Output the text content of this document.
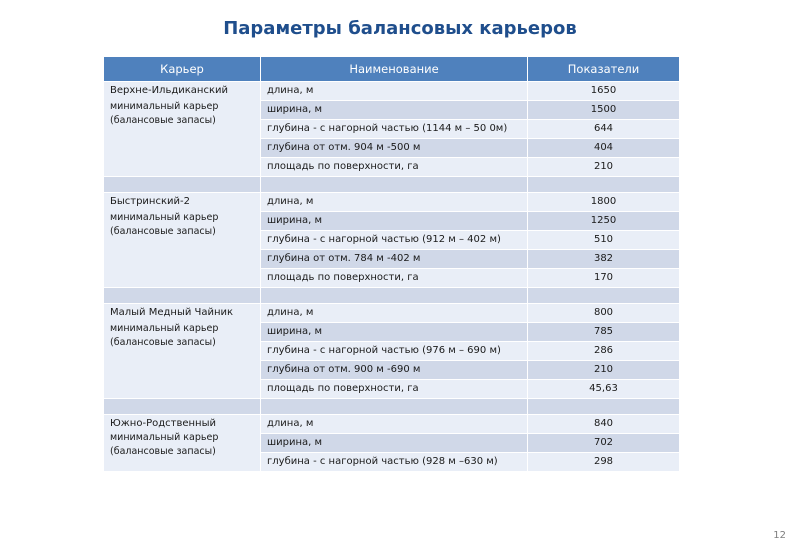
Параметры балансовых карьеров
Карьер	Наименование	Показатели

Верхне-Ильдиканский
минимальный карьер
(балансовые запасы)	длина, м	1650
	ширина, м	1500
	глубина - с нагорной частью (1144 м – 50 0м)	644
	глубина от отм. 904 м -500 м	404
	площадь по поверхности, га	210

Быстринский-2
минимальный карьер
(балансовые запасы)	длина, м	1800
	ширина, м	1250
	глубина - с нагорной частью (912 м – 402 м)	510
	глубина от отм. 784 м -402 м	382
	площадь по поверхности, га	170

Малый Медный Чайник
минимальный карьер
(балансовые запасы)	длина, м	800
	ширина, м	785
	глубина - с нагорной частью (976 м – 690 м)	286
	глубина от отм. 900 м -690 м	210
	площадь по поверхности, га	45,63

Южно-Родственный
минимальный карьер
(балансовые запасы)	длина, м	840
	ширина, м	702
	глубина - с нагорной частью (928 м –630 м)	298
12
